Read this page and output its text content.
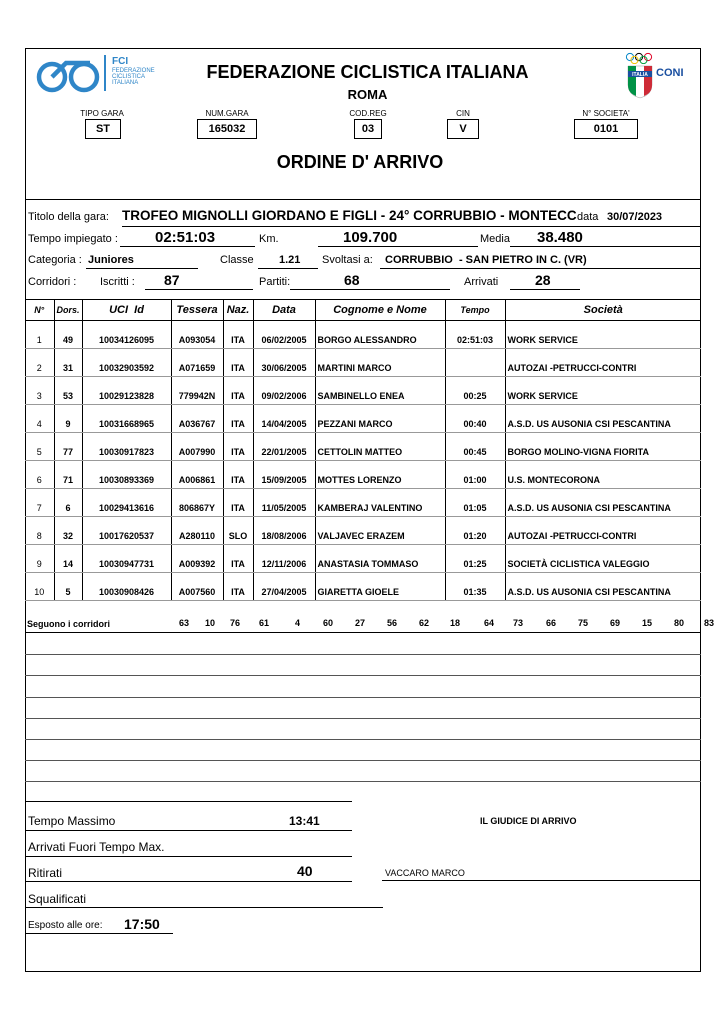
FCI
FEDERAZIONE
CICLISTICA
ITALIANA
FEDERAZIONE CICLISTICA ITALIANA
ROMA
ITALIA CONI
TIPO GARA
ST
NUM.GARA
165032
COD.REG
03
CIN
V
N° SOCIETA'
0101
ORDINE D' ARRIVO
Titolo della gara: TROFEO MIGNOLLI GIORDANO E FIGLI - 24° CORRUBBIO - MONTECC data 30/07/2023
Tempo impiegato : 02:51:03	Km.	109.700	Media 38.480
Categoria : Juniores	Classe 1.21 Svoltasi a: CORRUBBIO  - SAN PIETRO IN C. (VR)
Corridori : Iscritti : 87	Partiti:	68	Arrivati	28
N°	Dors.	UCI  Id	Tessera	Naz.	Data	Cognome e Nome	Tempo	Società
1	49	10034126095	A093054	ITA	06/02/2005	BORGO ALESSANDRO	02:51:03	WORK SERVICE
2	31	10032903592	A071659	ITA	30/06/2005	MARTINI MARCO		AUTOZAI -PETRUCCI-CONTRI
3	53	10029123828	779942N	ITA	09/02/2006	SAMBINELLO ENEA	00:25	WORK SERVICE
4	9	10031668965	A036767	ITA	14/04/2005	PEZZANI MARCO	00:40	A.S.D. US AUSONIA CSI PESCANTINA
5	77	10030917823	A007990	ITA	22/01/2005	CETTOLIN MATTEO	00:45	BORGO MOLINO-VIGNA FIORITA
6	71	10030893369	A006861	ITA	15/09/2005	MOTTES LORENZO	01:00	U.S. MONTECORONA
7	6	10029413616	806867Y	ITA	11/05/2005	KAMBERAJ VALENTINO	01:05	A.S.D. US AUSONIA CSI PESCANTINA
8	32	10017620537	A280110	SLO	18/08/2006	VALJAVEC ERAZEM	01:20	AUTOZAI -PETRUCCI-CONTRI
9	14	10030947731	A009392	ITA	12/11/2006	ANASTASIA TOMMASO	01:25	SOCIETÀ CICLISTICA VALEGGIO
10	5	10030908426	A007560	ITA	27/04/2005	GIARETTA GIOELE	01:35	A.S.D. US AUSONIA CSI PESCANTINA
Seguono i corridori	63 10 76 61	4	60 27 56 62 18	64 73	66 75 69 15 80 83
Tempo Massimo	13:41	IL GIUDICE DI ARRIVO
Arrivati Fuori Tempo Max.
Ritirati	40	VACCARO MARCO
Squalificati
Esposto alle ore: 17:50
